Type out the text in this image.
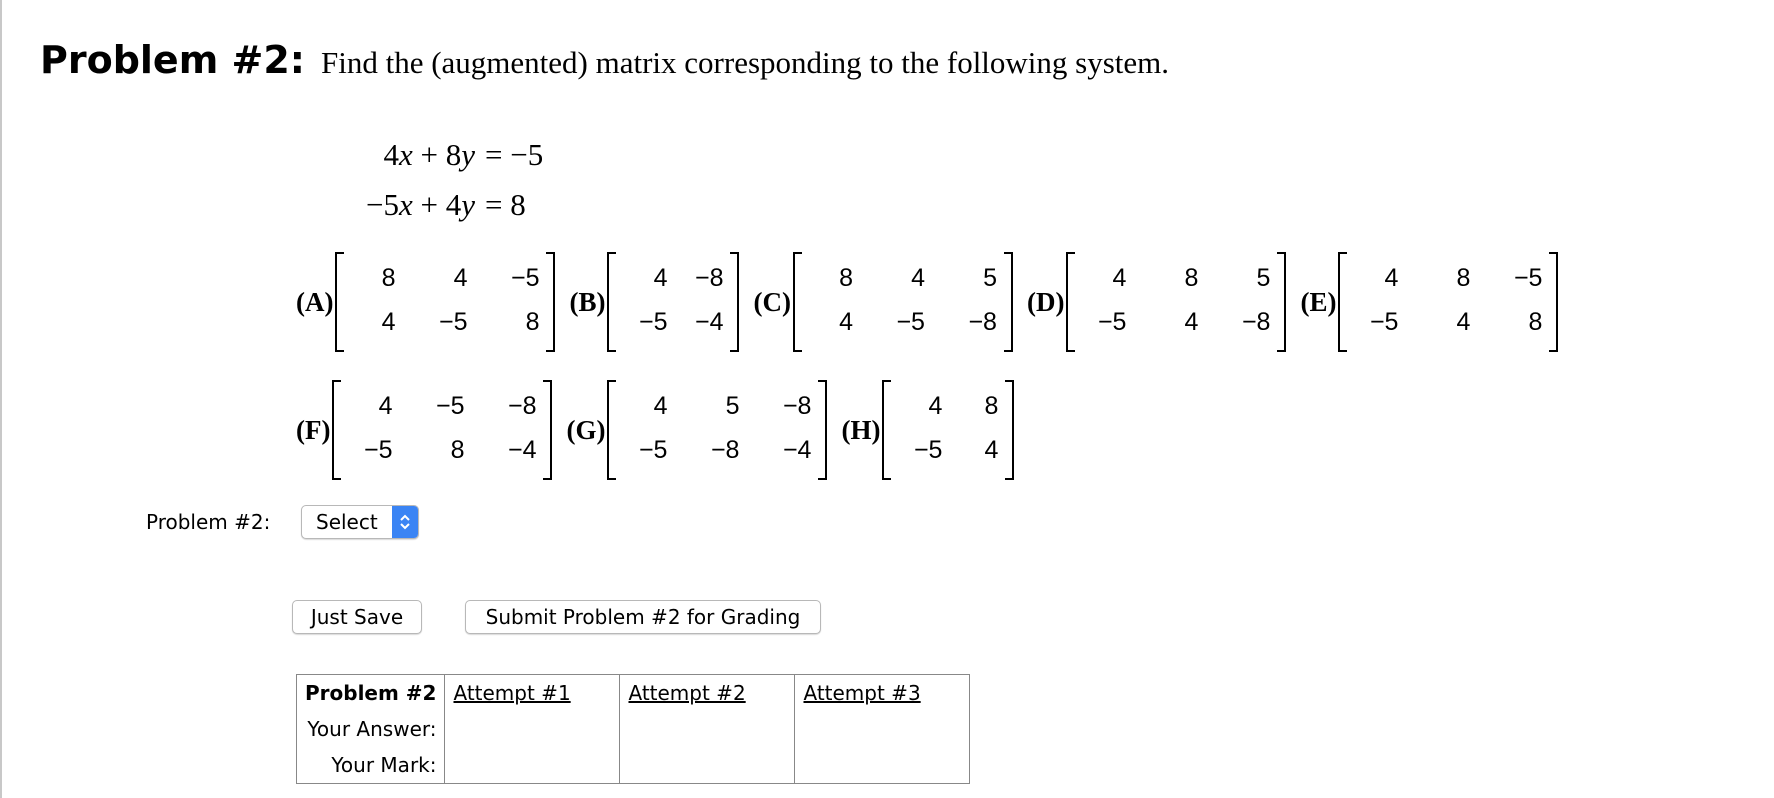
Problem #2: Find the (augmented) matrix corresponding to the following system.
4x + 8y = −5
−5x + 4y = 8
(A)
8	4	−5
4	−5	8
(B)
4	−8
−5	−4
(C)
8	4	5
4	−5	−8
(D)
4	8	5
−5	4	−8
(E)
4	8	−5
−5	4	8
(F)
4	−5	−8
−5	8	−4
(G)
4	5	−8
−5	−8	−4
(H)
4	8
−5	4
Problem #2:	Select
Just Save	Submit Problem #2 for Grading
Problem #2	Attempt #1	Attempt #2	Attempt #3
Your Answer:			
Your Mark:			
